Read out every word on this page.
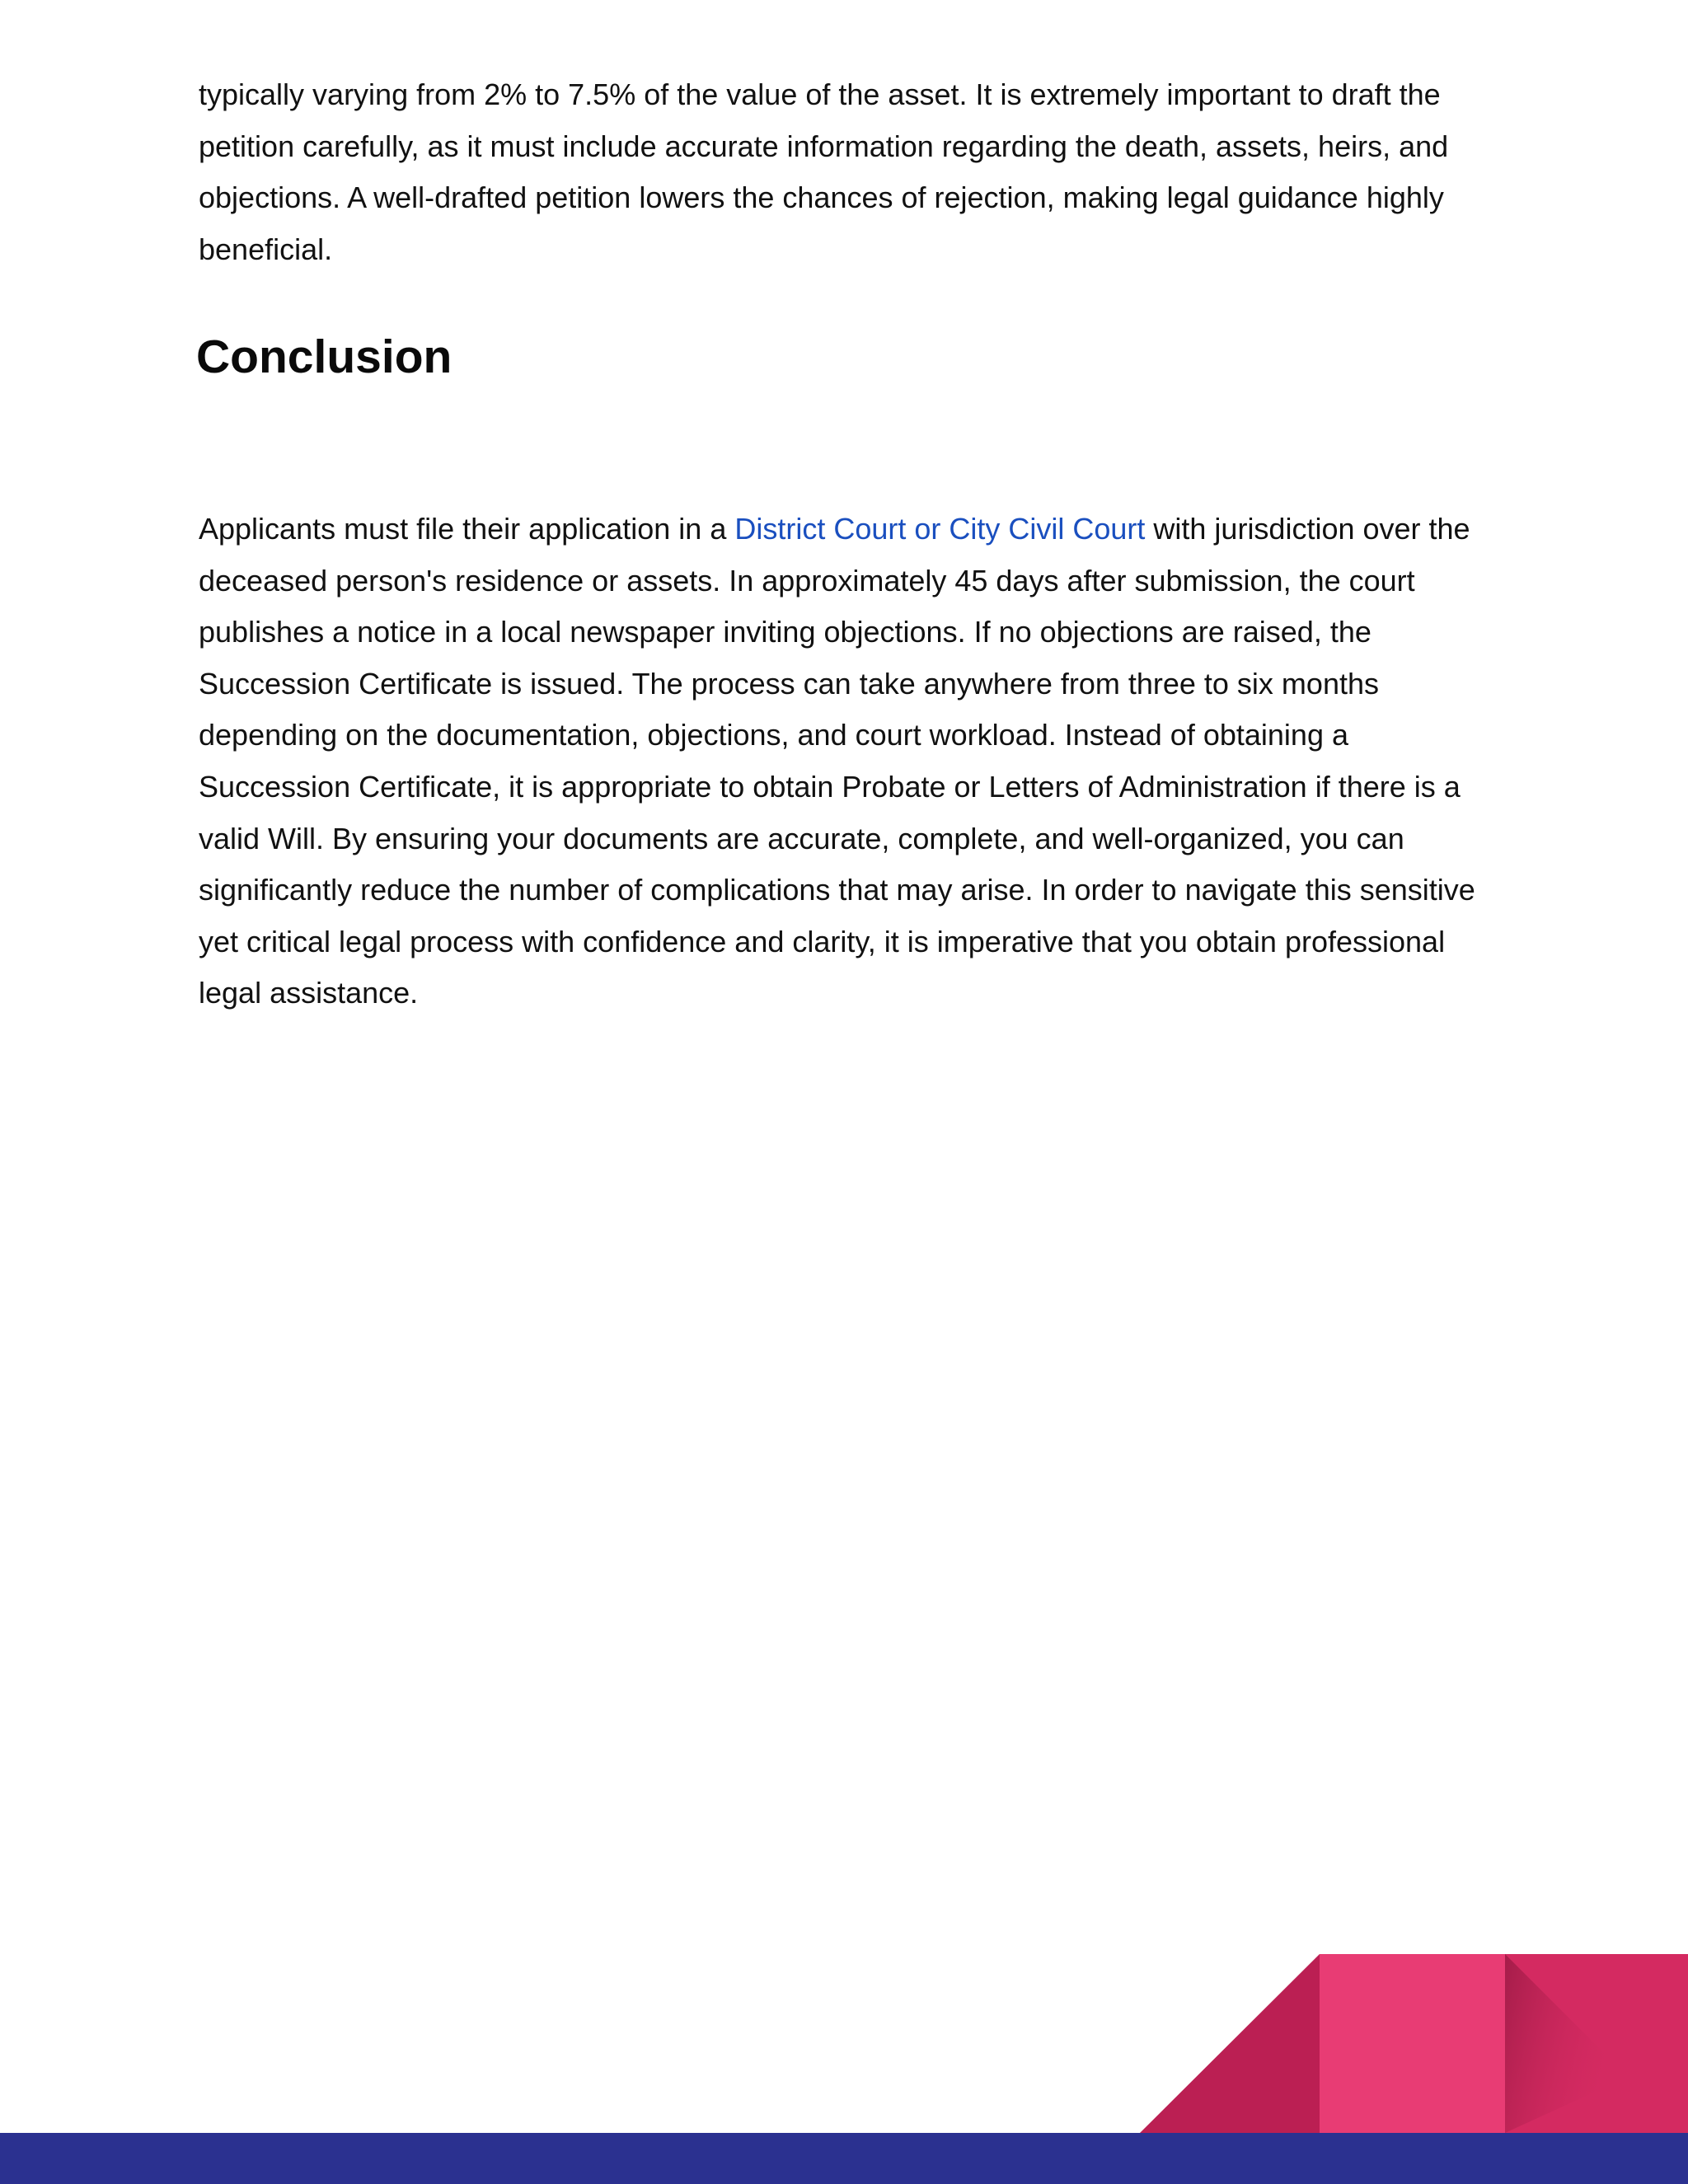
typically varying from 2% to 7.5% of the value of the asset. It is extremely important to draft the petition carefully, as it must include accurate information regarding the death, assets, heirs, and objections. A well-drafted petition lowers the chances of rejection, making legal guidance highly beneficial.

Conclusion

Applicants must file their application in a District Court or City Civil Court with jurisdiction over the deceased person's residence or assets. In approximately 45 days after submission, the court publishes a notice in a local newspaper inviting objections. If no objections are raised, the Succession Certificate is issued. The process can take anywhere from three to six months depending on the documentation, objections, and court workload. Instead of obtaining a Succession Certificate, it is appropriate to obtain Probate or Letters of Administration if there is a valid Will. By ensuring your documents are accurate, complete, and well-organized, you can significantly reduce the number of complications that may arise. In order to navigate this sensitive yet critical legal process with confidence and clarity, it is imperative that you obtain professional legal assistance.
